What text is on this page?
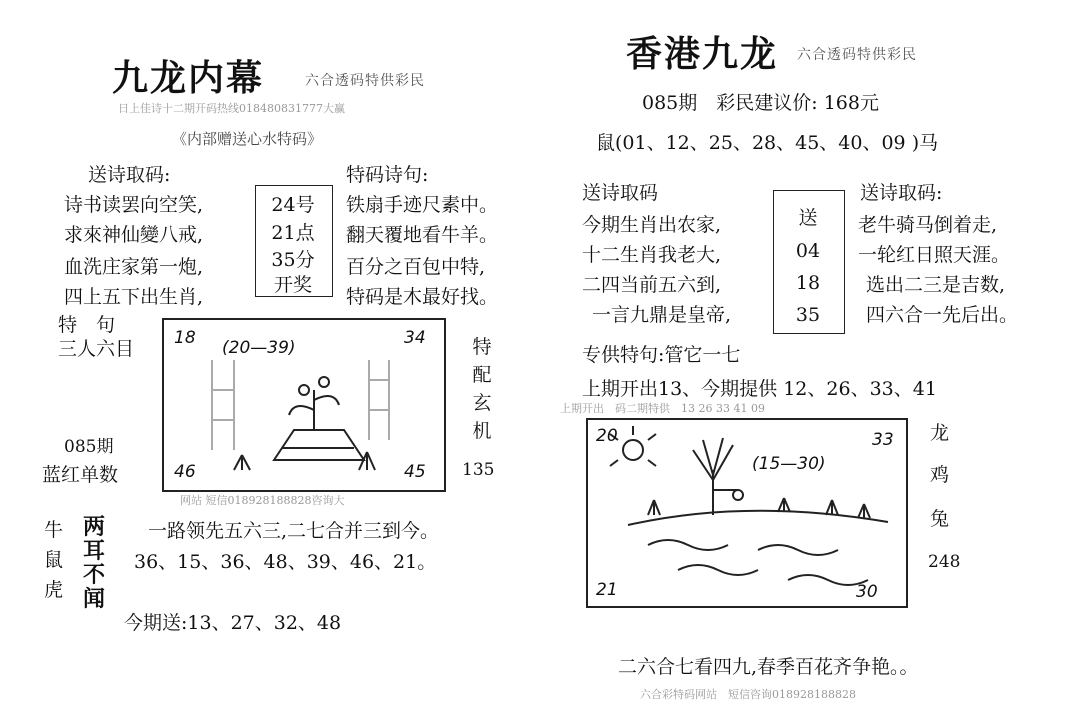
九龙内幕	六合透码特供彩民
日上佳诗十二期开码热线018480831777大赢
《内部赠送心水特码》
送诗取码:	特码诗句:
诗书读罢向空笑,
求來神仙變八戒,
血洗庄家第一炮,
四上五下出生肖,
24号
21点
35分
开奖
铁扇手迹尺素中。
翻天覆地看牛羊。
百分之百包中特,
特码是木最好找。
特　句
三人六目
085期
蓝红单数
18	34
46	45
(20—39)	特配玄机
135
网站 短信018928188828咨询大
牛
鼠
虎
两耳不闻
一路领先五六三,二七合并三到今。
36、15、36、48、39、46、21。
今期送:13、27、32、48
香港九龙 六合透码特供彩民
085期　彩民建议价: 168元
鼠(01、12、25、28、45、40、09 )马
送诗取码	送诗取码:
今期生肖出农家,
十二生肖我老大,
二四当前五六到,
一言九鼎是皇帝,
送
04
18
35
老牛骑马倒着走,
一轮红日照天涯。
选出二三是吉数,
四六合一先后出。
专供特句:管它一七
上期开出13、今期提供 12、26、33、41
上期开出　码二期特供　13 26 33 41 09
20	33
21	30
(15—30)
龙
鸡
兔
248
二六合七看四九,春季百花齐争艳。。
六合彩特码网站　短信咨询018928188828
